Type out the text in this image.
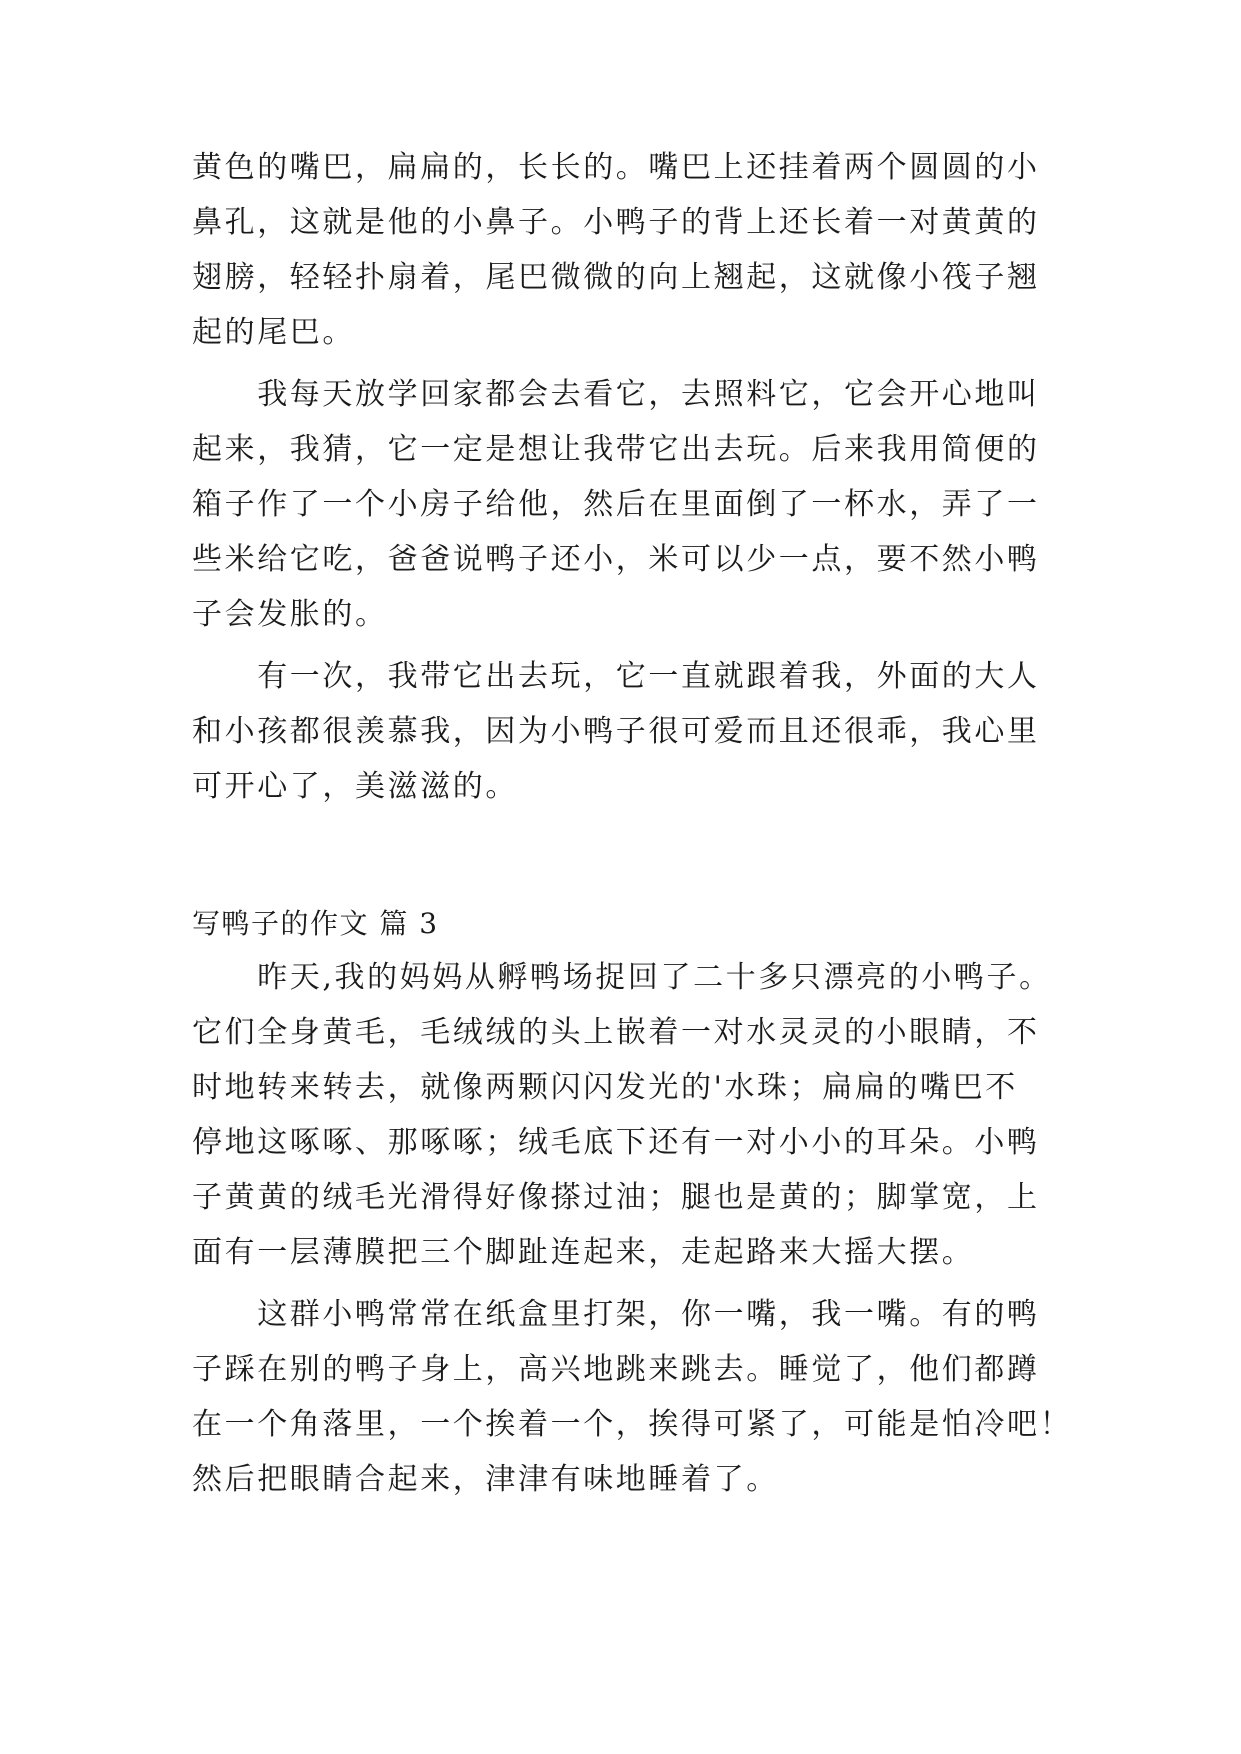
黄色的嘴巴，扁扁的，长长的。嘴巴上还挂着两个圆圆的小
鼻孔，这就是他的小鼻子。小鸭子的背上还长着一对黄黄的
翅膀，轻轻扑扇着，尾巴微微的向上翘起，这就像小筏子翘
起的尾巴。
　　我每天放学回家都会去看它，去照料它，它会开心地叫
起来，我猜，它一定是想让我带它出去玩。后来我用简便的
箱子作了一个小房子给他，然后在里面倒了一杯水，弄了一
些米给它吃，爸爸说鸭子还小，米可以少一点，要不然小鸭
子会发胀的。
　　有一次，我带它出去玩，它一直就跟着我，外面的大人
和小孩都很羡慕我，因为小鸭子很可爱而且还很乖，我心里
可开心了，美滋滋的。
写鸭子的作文 篇 3
　　昨天,我的妈妈从孵鸭场捉回了二十多只漂亮的小鸭子。
它们全身黄毛，毛绒绒的头上嵌着一对水灵灵的小眼睛，不
时地转来转去，就像两颗闪闪发光的'水珠；扁扁的嘴巴不
停地这啄啄、那啄啄；绒毛底下还有一对小小的耳朵。小鸭
子黄黄的绒毛光滑得好像搽过油；腿也是黄的；脚掌宽，上
面有一层薄膜把三个脚趾连起来，走起路来大摇大摆。
　　这群小鸭常常在纸盒里打架，你一嘴，我一嘴。有的鸭
子踩在别的鸭子身上，高兴地跳来跳去。睡觉了，他们都蹲
在一个角落里，一个挨着一个，挨得可紧了，可能是怕冷吧！
然后把眼睛合起来，津津有味地睡着了。
